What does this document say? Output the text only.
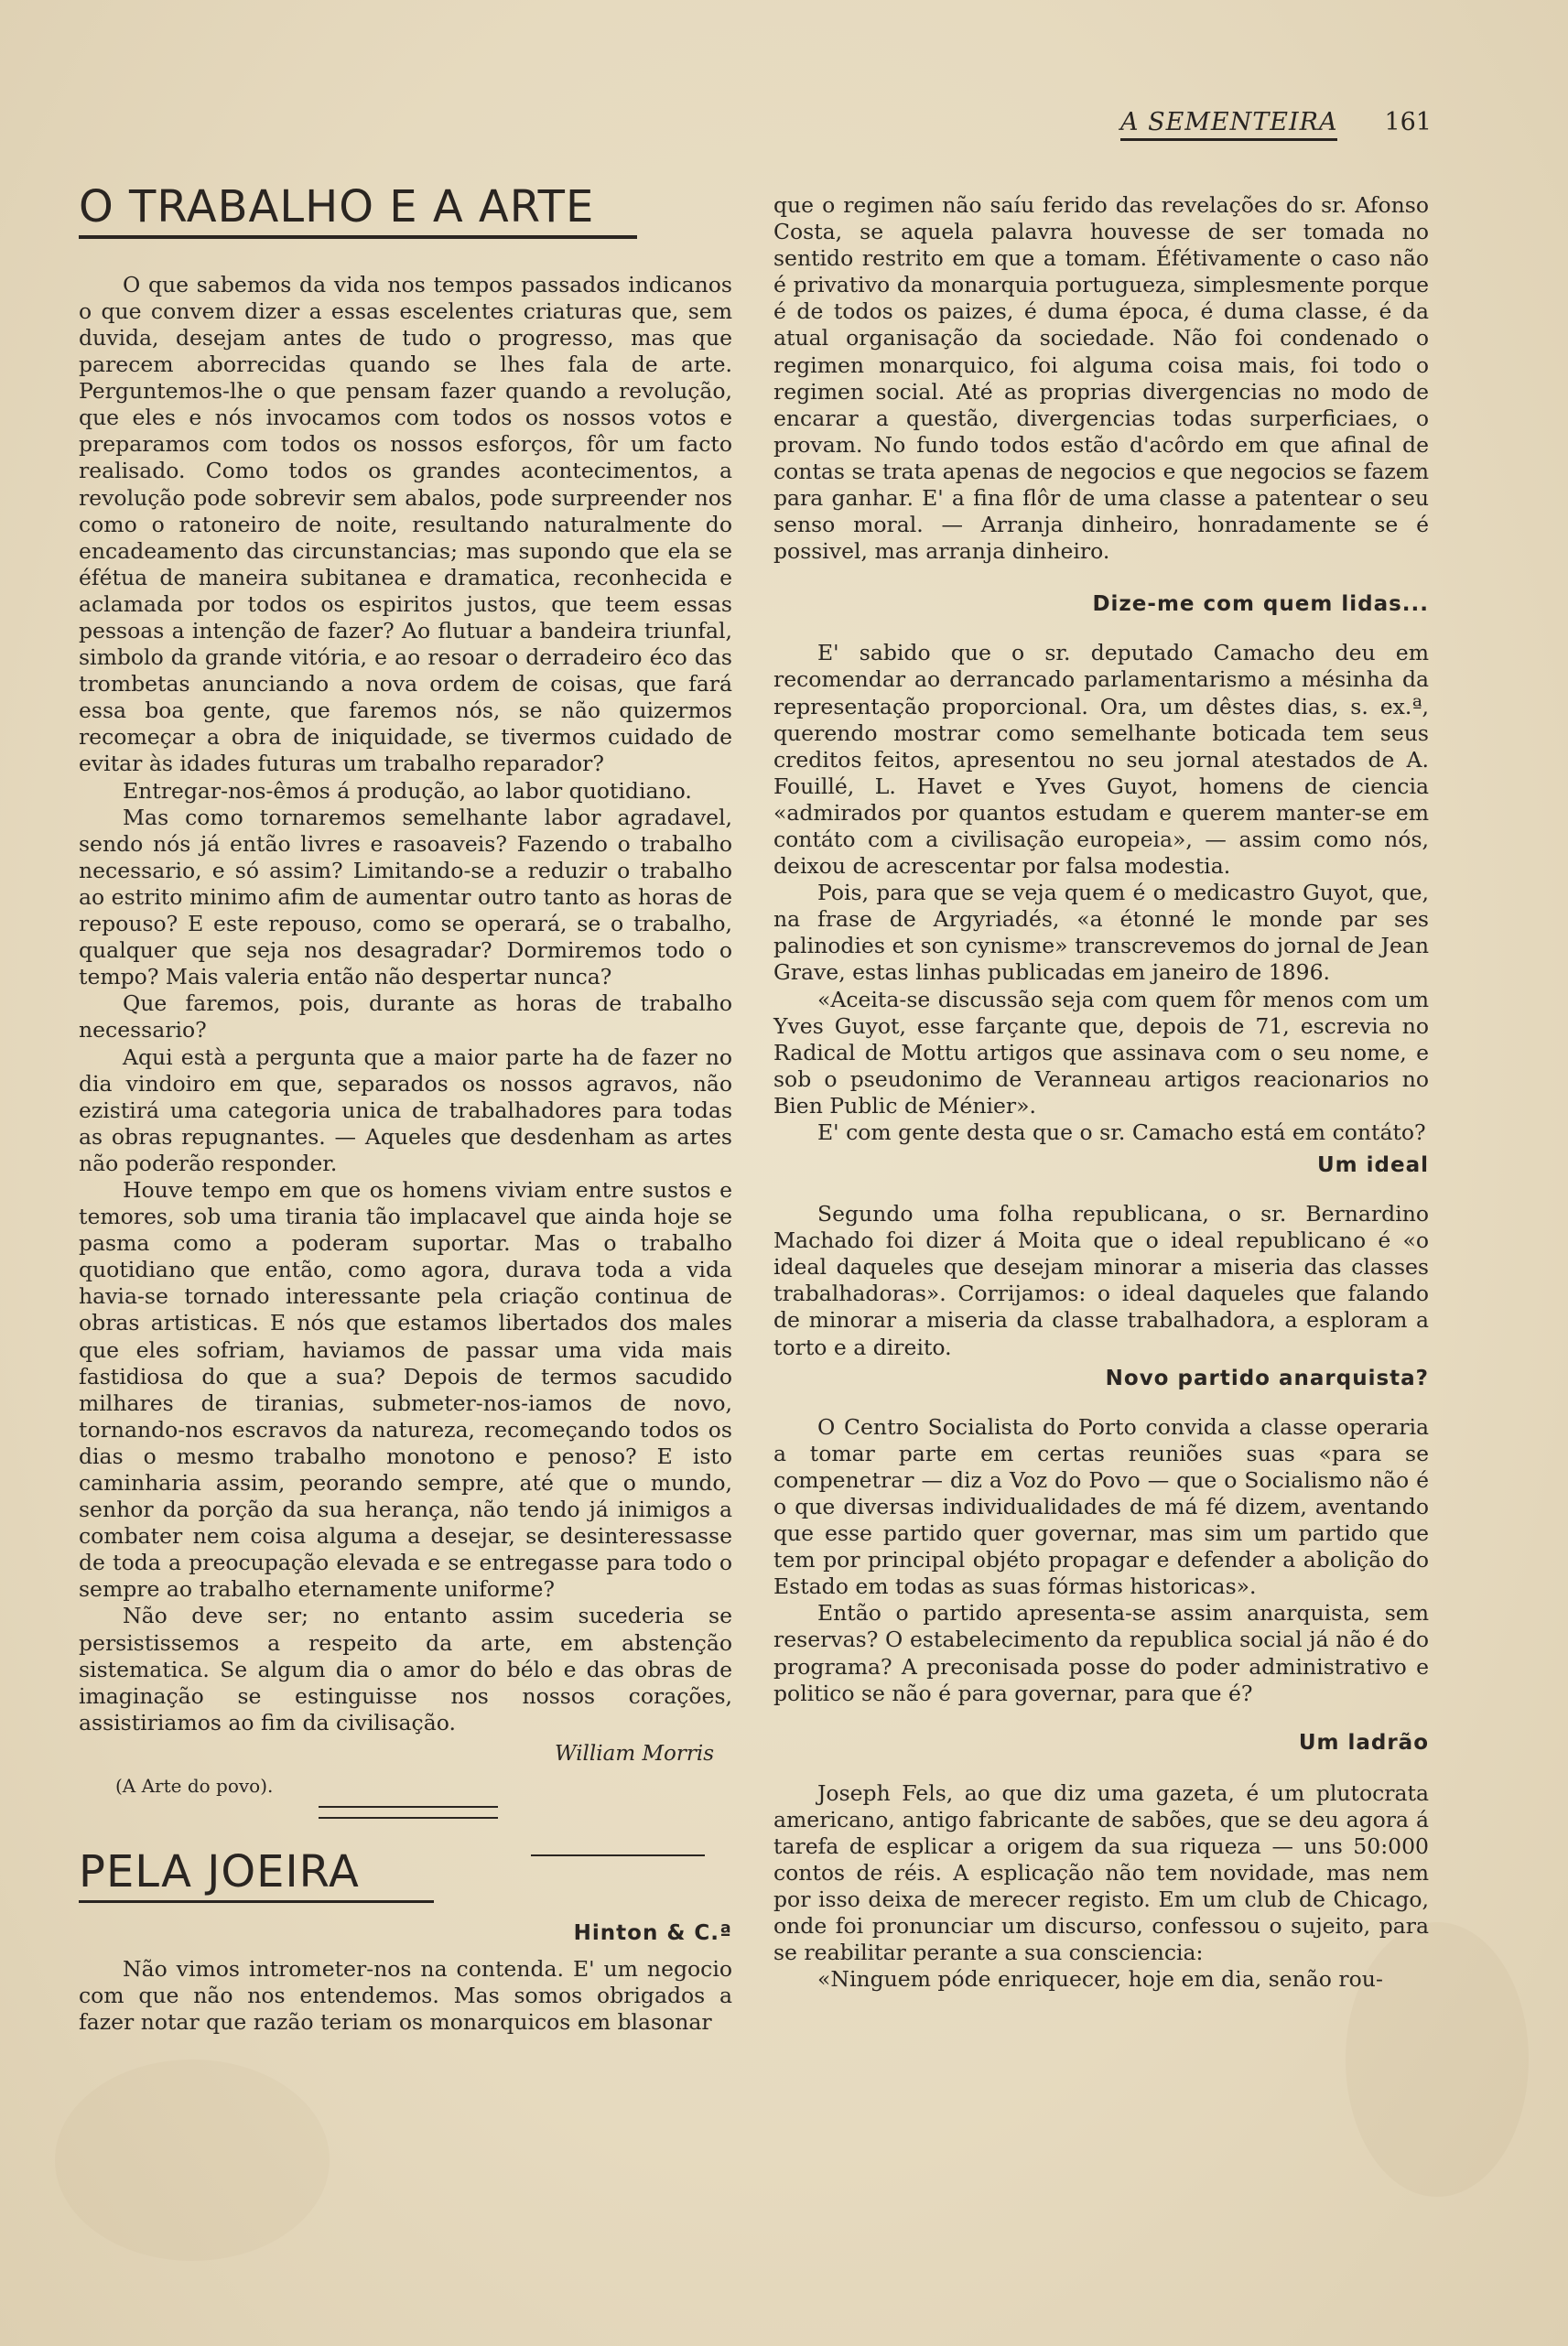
A SEMENTEIRA 161
O TRABALHO E A ARTE

O que sabemos da vida nos tempos passados indicanos o que convem dizer a essas escelentes criaturas que, sem duvida, desejam antes de tudo o progresso, mas que parecem aborrecidas quando se lhes fala de arte. Perguntemos-lhe o que pensam fazer quando a revolução, que eles e nós invocamos com todos os nossos votos e preparamos com todos os nossos esforços, fôr um facto realisado. Como todos os grandes acontecimentos, a revolução pode sobrevir sem abalos, pode surpreender nos como o ratoneiro de noite, resultando naturalmente do encadeamento das circunstancias; mas supondo que ela se éfétua de maneira subitanea e dramatica, reconhecida e aclamada por todos os espiritos justos, que teem essas pessoas a intenção de fazer? Ao flutuar a bandeira triunfal, simbolo da grande vitória, e ao resoar o derradeiro éco das trombetas anunciando a nova ordem de coisas, que fará essa boa gente, que faremos nós, se não quizermos recomeçar a obra de iniquidade, se tivermos cuidado de evitar às idades futuras um trabalho reparador?

Entregar-nos-êmos á produção, ao labor quotidiano.

Mas como tornaremos semelhante labor agradavel, sendo nós já então livres e rasoaveis? Fazendo o trabalho necessario, e só assim? Limitando-se a reduzir o trabalho ao estrito minimo afim de aumentar outro tanto as horas de repouso? E este repouso, como se operará, se o trabalho, qualquer que seja nos desagradar? Dormiremos todo o tempo? Mais valeria então não despertar nunca?

Que faremos, pois, durante as horas de trabalho necessario?

Aqui està a pergunta que a maior parte ha de fazer no dia vindoiro em que, separados os nossos agravos, não ezistirá uma categoria unica de trabalhadores para todas as obras repugnantes. — Aqueles que desdenham as artes não poderão responder.

Houve tempo em que os homens viviam entre sustos e temores, sob uma tirania tão implacavel que ainda hoje se pasma como a poderam suportar. Mas o trabalho quotidiano que então, como agora, durava toda a vida havia-se tornado interessante pela criação continua de obras artisticas. E nós que estamos libertados dos males que eles sofriam, haviamos de passar uma vida mais fastidiosa do que a sua? Depois de termos sacudido milhares de tiranias, submeter-nos-iamos de novo, tornando-nos escravos da natureza, recomeçando todos os dias o mesmo trabalho monotono e penoso? E isto caminharia assim, peorando sempre, até que o mundo, senhor da porção da sua herança, não tendo já inimigos a combater nem coisa alguma a desejar, se desinteressasse de toda a preocupação elevada e se entregasse para todo o sempre ao trabalho eternamente uniforme?

Não deve ser; no entanto assim sucederia se persistissemos a respeito da arte, em abstenção sistematica. Se algum dia o amor do bélo e das obras de imaginação se estinguisse nos nossos corações, assistiriamos ao fim da civilisação.

William Morris
(A Arte do povo).
PELA JOEIRA
Hinton & C.ª

Não vimos intrometer-nos na contenda. E' um negocio com que não nos entendemos. Mas somos obrigados a fazer notar que razão teriam os monarquicos em blasonar

que o regimen não saíu ferido das revelações do sr. Afonso Costa, se aquela palavra houvesse de ser tomada no sentido restrito em que a tomam. Éfétivamente o caso não é privativo da monarquia portugueza, simplesmente porque é de todos os paizes, é duma época, é duma classe, é da atual organisação da sociedade. Não foi condenado o regimen monarquico, foi alguma coisa mais, foi todo o regimen social. Até as proprias divergencias no modo de encarar a questão, divergencias todas surperficiaes, o provam. No fundo todos estão d'acôrdo em que afinal de contas se trata apenas de negocios e que negocios se fazem para ganhar. E' a fina flôr de uma classe a patentear o seu senso moral. — Arranja dinheiro, honradamente se é possivel, mas arranja dinheiro.

Dize-me com quem lidas...

E' sabido que o sr. deputado Camacho deu em recomendar ao derrancado parlamentarismo a mésinha da representação proporcional. Ora, um dêstes dias, s. ex.ª, querendo mostrar como semelhante boticada tem seus creditos feitos, apresentou no seu jornal atestados de A. Fouillé, L. Havet e Yves Guyot, homens de ciencia «admirados por quantos estudam e querem manter-se em contáto com a civilisação europeia», — assim como nós, deixou de acrescentar por falsa modestia.

Pois, para que se veja quem é o medicastro Guyot, que, na frase de Argyriadés, «a étonné le monde par ses palinodies et son cynisme» transcrevemos do jornal de Jean Grave, estas linhas publicadas em janeiro de 1896.

«Aceita-se discussão seja com quem fôr menos com um Yves Guyot, esse farçante que, depois de 71, escrevia no Radical de Mottu artigos que assinava com o seu nome, e sob o pseudonimo de Veranneau artigos reacionarios no Bien Public de Ménier».

E' com gente desta que o sr. Camacho está em contáto?

Um ideal

Segundo uma folha republicana, o sr. Bernardino Machado foi dizer á Moita que o ideal republicano é «o ideal daqueles que desejam minorar a miseria das classes trabalhadoras». Corrijamos: o ideal daqueles que falando de minorar a miseria da classe trabalhadora, a esploram a torto e a direito.

Novo partido anarquista?

O Centro Socialista do Porto convida a classe operaria a tomar parte em certas reuniões suas «para se compenetrar — diz a Voz do Povo — que o Socialismo não é o que diversas individualidades de má fé dizem, aventando que esse partido quer governar, mas sim um partido que tem por principal objéto propagar e defender a abolição do Estado em todas as suas fórmas historicas».

Então o partido apresenta-se assim anarquista, sem reservas? O estabelecimento da republica social já não é do programa? A preconisada posse do poder administrativo e politico se não é para governar, para que é?

Um ladrão

Joseph Fels, ao que diz uma gazeta, é um plutocrata americano, antigo fabricante de sabões, que se deu agora á tarefa de esplicar a origem da sua riqueza — uns 50:000 contos de réis. A esplicação não tem novidade, mas nem por isso deixa de merecer registo. Em um club de Chicago, onde foi pronunciar um discurso, confessou o sujeito, para se reabilitar perante a sua consciencia:

«Ninguem póde enriquecer, hoje em dia, senão rou-
